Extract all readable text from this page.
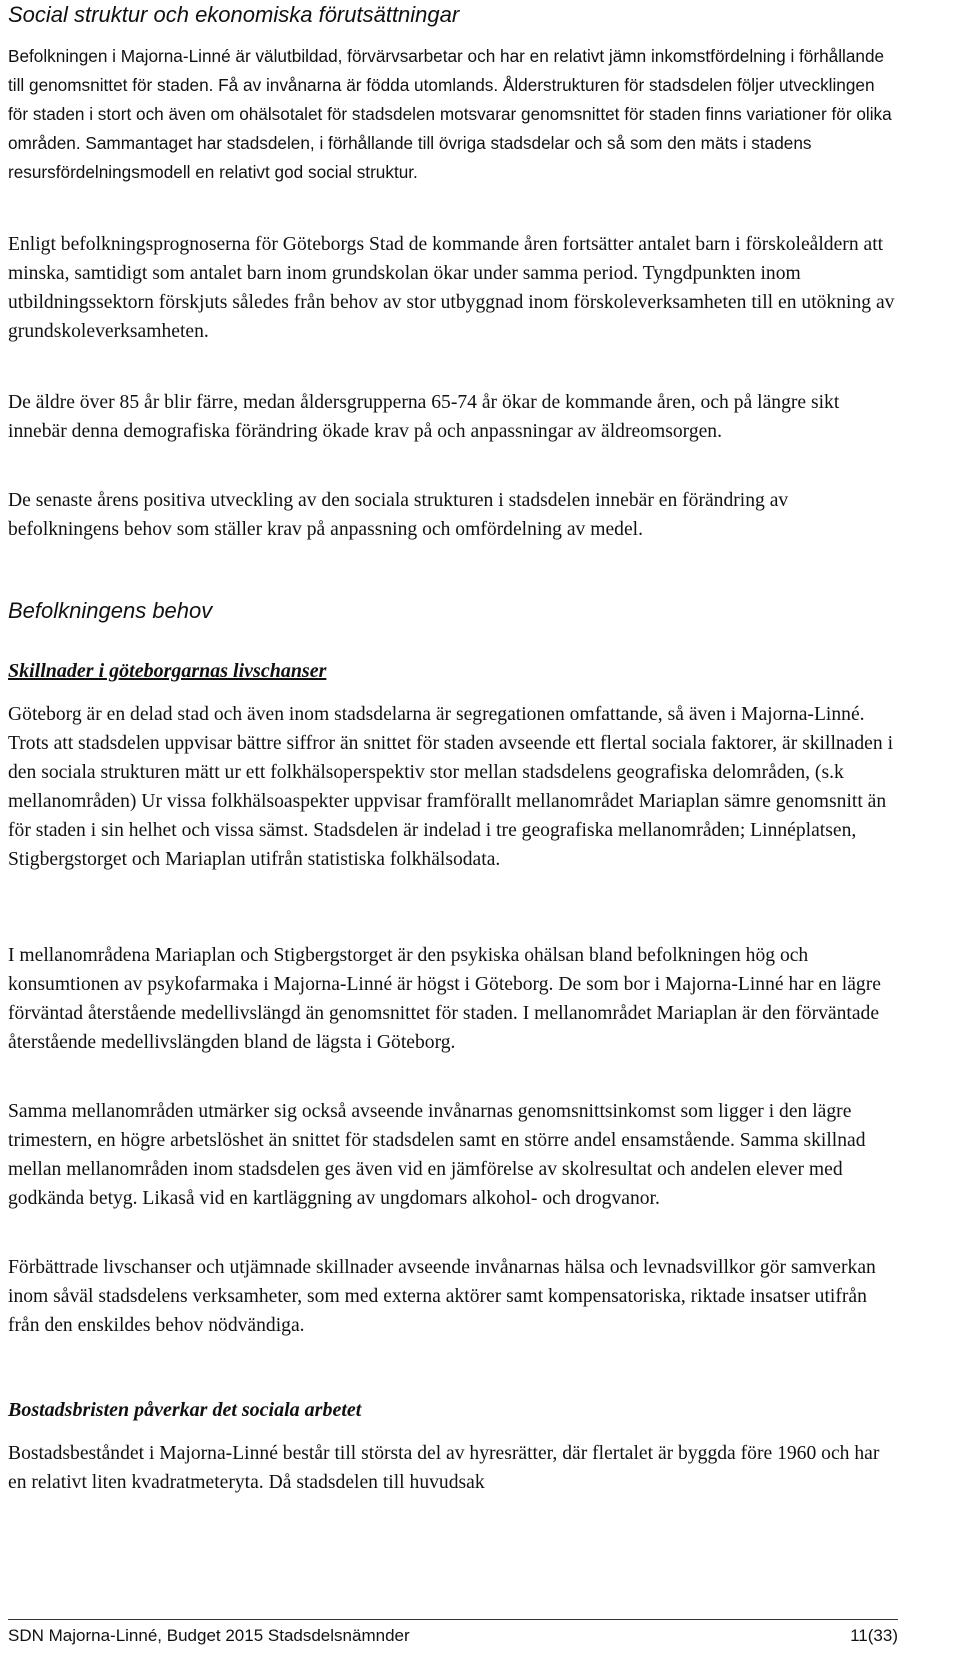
Social struktur och ekonomiska förutsättningar

Befolkningen i Majorna-Linné är välutbildad, förvärvsarbetar och har en relativt jämn inkomstfördelning i förhållande till genomsnittet för staden. Få av invånarna är födda utomlands. Ålderstrukturen för stadsdelen följer utvecklingen för staden i stort och även om ohälsotalet för stadsdelen motsvarar genomsnittet för staden finns variationer för olika områden. Sammantaget har stadsdelen, i förhållande till övriga stadsdelar och så som den mäts i stadens resursfördelningsmodell en relativt god social struktur.

Enligt befolkningsprognoserna för Göteborgs Stad de kommande åren fortsätter antalet barn i förskoleåldern att minska, samtidigt som antalet barn inom grundskolan ökar under samma period. Tyngdpunkten inom utbildningssektorn förskjuts således från behov av stor utbyggnad inom förskoleverksamheten till en utökning av grundskoleverksamheten.

De äldre över 85 år blir färre, medan åldersgrupperna 65-74 år ökar de kommande åren, och på längre sikt innebär denna demografiska förändring ökade krav på och anpassningar av äldreomsorgen.

De senaste årens positiva utveckling av den sociala strukturen i stadsdelen innebär en förändring av befolkningens behov som ställer krav på anpassning och omfördelning av medel.

Befolkningens behov
Skillnader i göteborgarnas livschanser

Göteborg är en delad stad och även inom stadsdelarna är segregationen omfattande, så även i Majorna-Linné. Trots att stadsdelen uppvisar bättre siffror än snittet för staden avseende ett flertal sociala faktorer, är skillnaden i den sociala strukturen mätt ur ett folkhälsoperspektiv stor mellan stadsdelens geografiska delområden, (s.k mellanområden) Ur vissa folkhälsoaspekter uppvisar framförallt mellanområdet Mariaplan sämre genomsnitt än för staden i sin helhet och vissa sämst. Stadsdelen är indelad i tre geografiska mellanområden; Linnéplatsen, Stigbergstorget och Mariaplan utifrån statistiska folkhälsodata.

I mellanområdena Mariaplan och Stigbergstorget är den psykiska ohälsan bland befolkningen hög och konsumtionen av psykofarmaka i Majorna-Linné är högst i Göteborg. De som bor i Majorna-Linné har en lägre förväntad återstående medellivslängd än genomsnittet för staden. I mellanområdet Mariaplan är den förväntade återstående medellivslängden bland de lägsta i Göteborg.

Samma mellanområden utmärker sig också avseende invånarnas genomsnittsinkomst som ligger i den lägre trimestern, en högre arbetslöshet än snittet för stadsdelen samt en större andel ensamstående. Samma skillnad mellan mellanområden inom stadsdelen ges även vid en jämförelse av skolresultat och andelen elever med godkända betyg. Likaså vid en kartläggning av ungdomars alkohol- och drogvanor.

Förbättrade livschanser och utjämnade skillnader avseende invånarnas hälsa och levnadsvillkor gör samverkan inom såväl stadsdelens verksamheter, som med externa aktörer samt kompensatoriska, riktade insatser utifrån från den enskildes behov nödvändiga.

Bostadsbristen påverkar det sociala arbetet

Bostadsbeståndet i Majorna-Linné består till största del av hyresrätter, där flertalet är byggda före 1960 och har en relativt liten kvadratmeteryta. Då stadsdelen till huvudsak

SDN Majorna-Linné, Budget 2015 Stadsdelsnämnder	11(33)
